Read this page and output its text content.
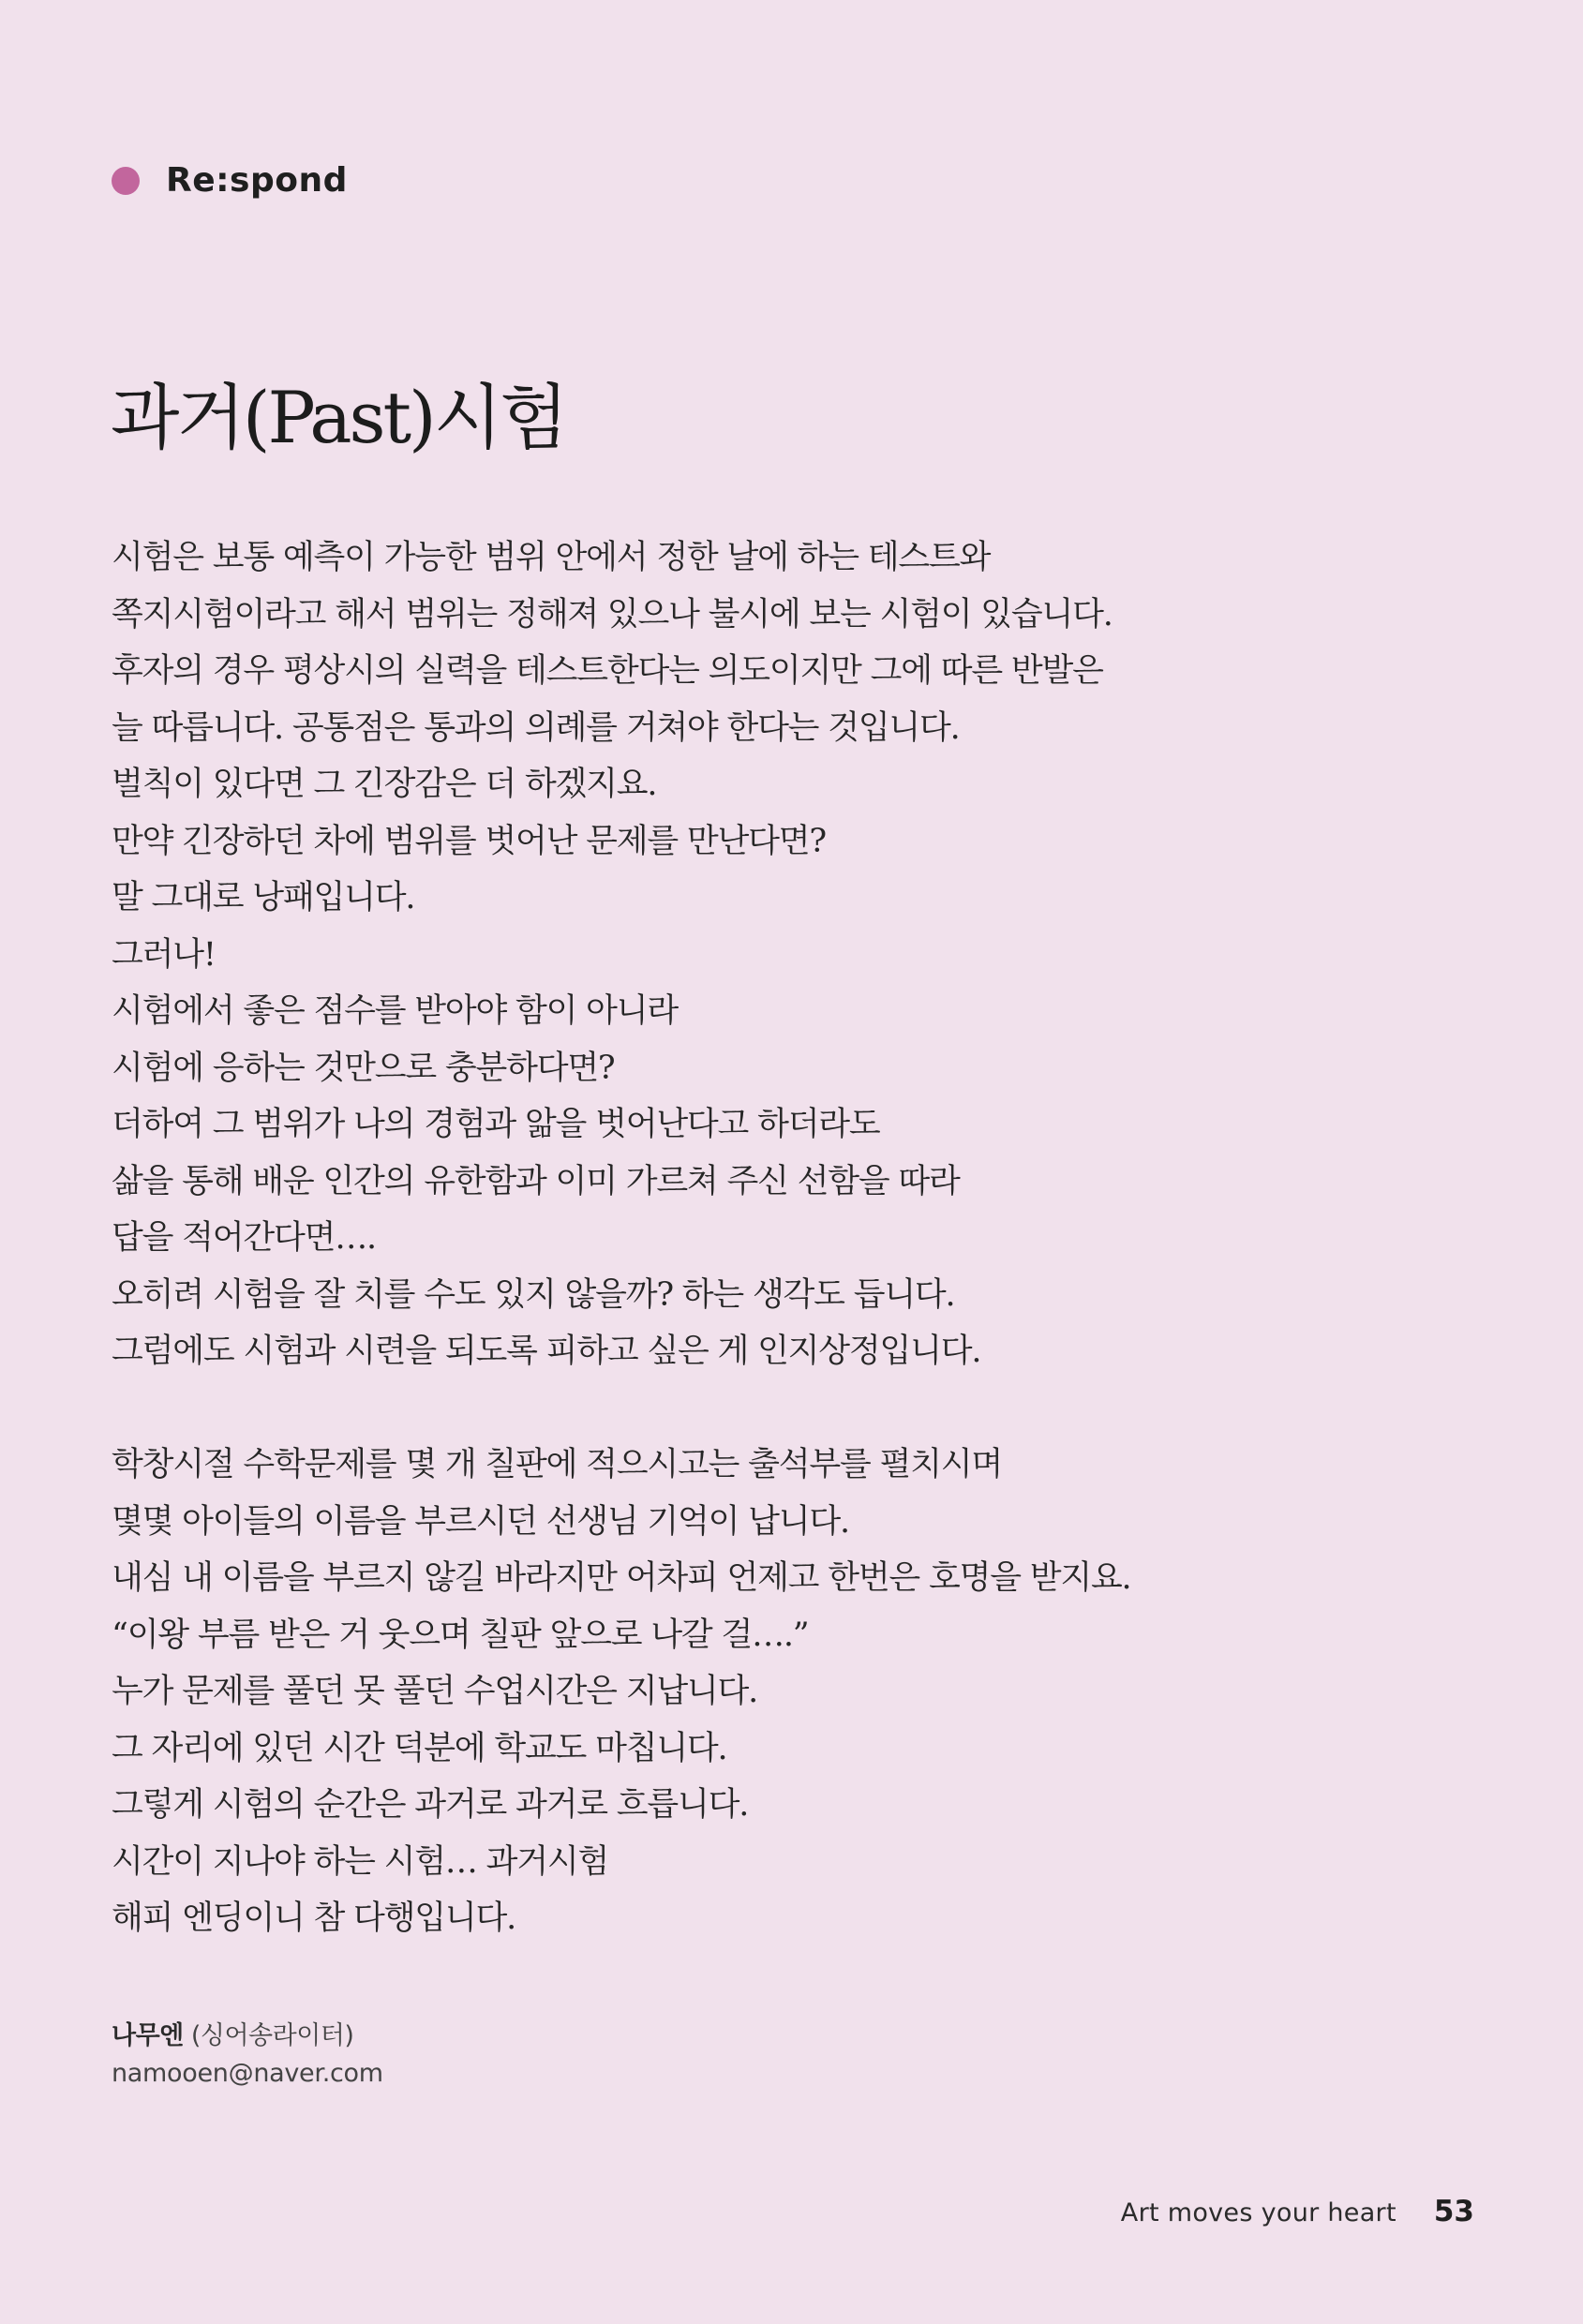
Re:spond
과거(Past)시험
시험은 보통 예측이 가능한 범위 안에서 정한 날에 하는 테스트와
쪽지시험이라고 해서 범위는 정해져 있으나 불시에 보는 시험이 있습니다.
후자의 경우 평상시의 실력을 테스트한다는 의도이지만 그에 따른 반발은
늘 따릅니다. 공통점은 통과의 의례를 거쳐야 한다는 것입니다.
벌칙이 있다면 그 긴장감은 더 하겠지요.
만약 긴장하던 차에 범위를 벗어난 문제를 만난다면?
말 그대로 낭패입니다.
그러나!
시험에서 좋은 점수를 받아야 함이 아니라
시험에 응하는 것만으로 충분하다면?
더하여 그 범위가 나의 경험과 앎을 벗어난다고 하더라도
삶을 통해 배운 인간의 유한함과 이미 가르쳐 주신 선함을 따라
답을 적어간다면….
오히려 시험을 잘 치를 수도 있지 않을까? 하는 생각도 듭니다.
그럼에도 시험과 시련을 되도록 피하고 싶은 게 인지상정입니다.
학창시절 수학문제를 몇 개 칠판에 적으시고는 출석부를 펼치시며
몇몇 아이들의 이름을 부르시던 선생님 기억이 납니다.
내심 내 이름을 부르지 않길 바라지만 어차피 언제고 한번은 호명을 받지요.
“이왕 부름 받은 거 웃으며 칠판 앞으로 나갈 걸….”
누가 문제를 풀던 못 풀던 수업시간은 지납니다.
그 자리에 있던 시간 덕분에 학교도 마칩니다.
그렇게 시험의 순간은 과거로 과거로 흐릅니다.
시간이 지나야 하는 시험… 과거시험
해피 엔딩이니 참 다행입니다.
나무엔 (싱어송라이터)
namooen@naver.com
Art moves your heart 53
